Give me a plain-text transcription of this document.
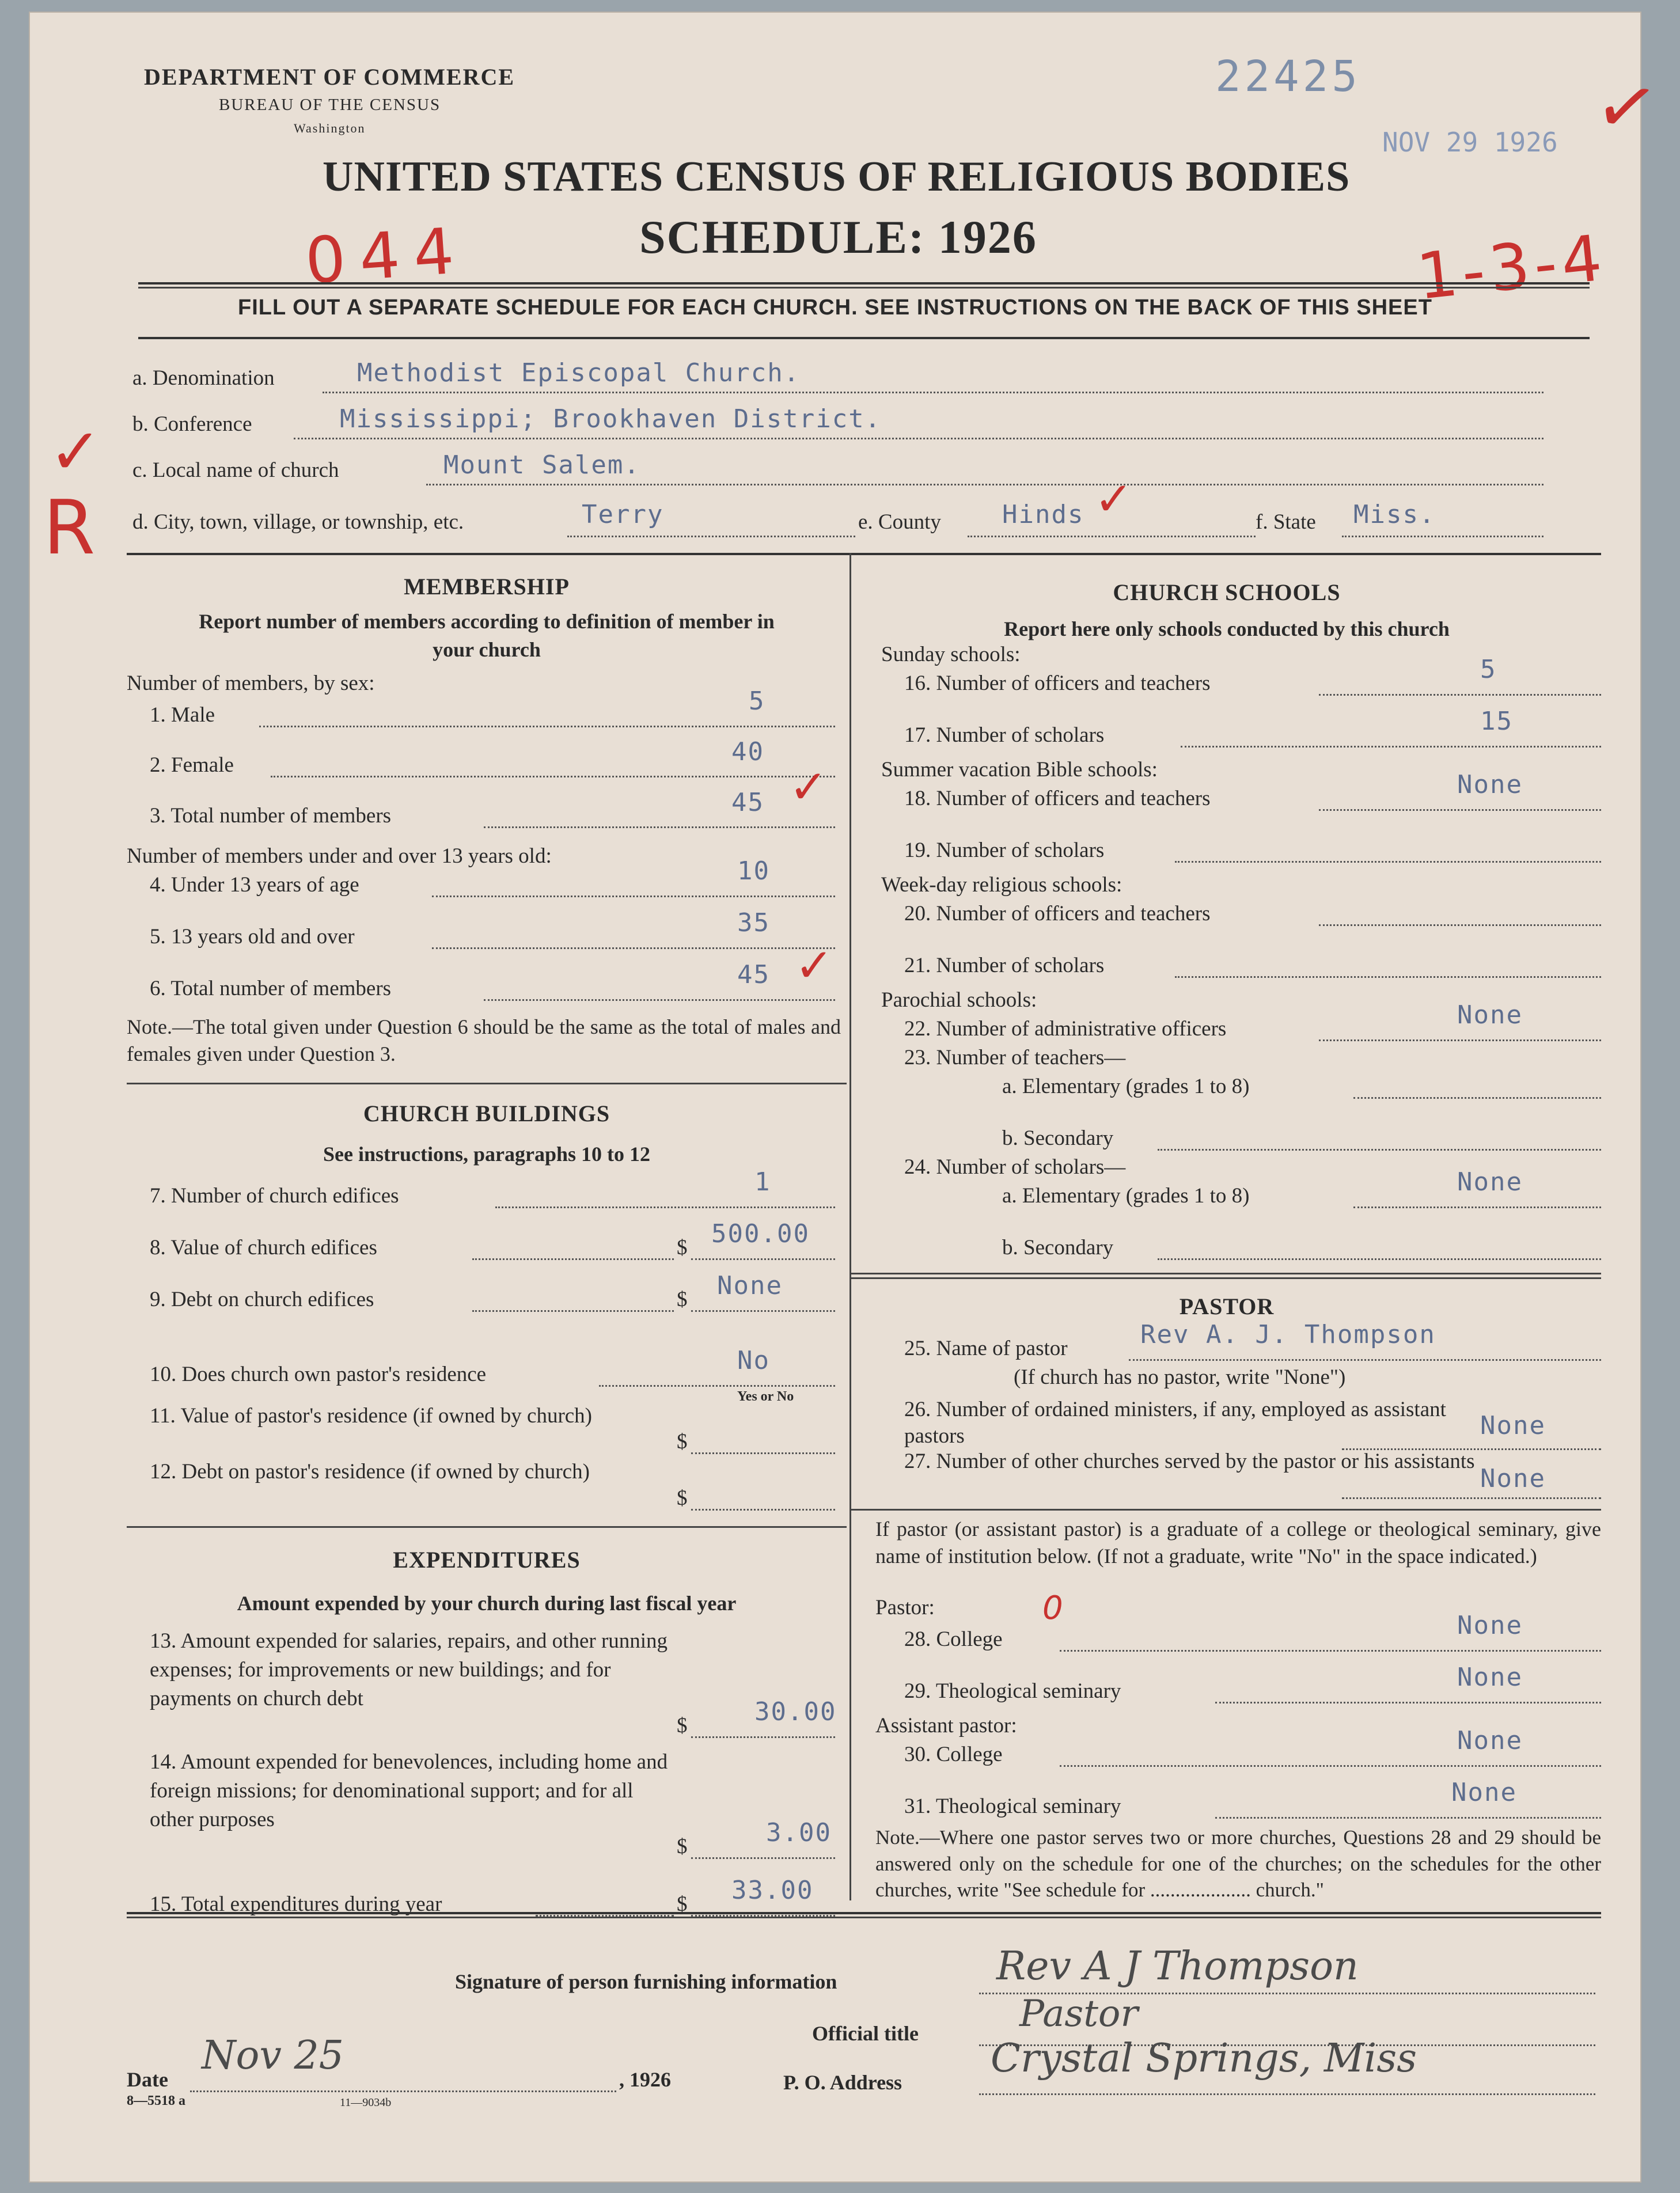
DEPARTMENT OF COMMERCE
BUREAU OF THE CENSUS
Washington
22425
NOV 29 1926 ✓
UNITED STATES CENSUS OF RELIGIOUS BODIES
SCHEDULE: 1926
044	1-3-4
✓
R
FILL OUT A SEPARATE SCHEDULE FOR EACH CHURCH. SEE INSTRUCTIONS ON THE BACK OF THIS SHEET
a. Denomination	Methodist Episcopal Church.
b. Conference	Mississippi; Brookhaven District.
c. Local name of church	Mount Salem.
d. City, town, village, or township, etc.	Terry	e. County Hinds ✓	f. State Miss.
MEMBERSHIP
Report number of members according to definition of member in your church
Number of members, by sex:
1. Male	5
2. Female	40
3. Total number of members	45 ✓
Number of members under and over 13 years old:
4. Under 13 years of age	10
5. 13 years old and over	35
6. Total number of members	45 ✓
Note.—The total given under Question 6 should be the same as the total of males and females given under Question 3.
CHURCH BUILDINGS
See instructions, paragraphs 10 to 12
7. Number of church edifices	1
8. Value of church edifices	$ 500.00
9. Debt on church edifices	$ None
10. Does church own pastor's residence	No
Yes or No
11. Value of pastor's residence (if owned by church)
$
12. Debt on pastor's residence (if owned by church)
$
EXPENDITURES
Amount expended by your church during last fiscal year
13. Amount expended for salaries, repairs, and other running expenses; for improvements or new buildings; and for payments on church debt
$	30.00
14. Amount expended for benevolences, including home and foreign missions; for denominational support; and for all other purposes
$	3.00
15. Total expenditures during year	$ 33.00
CHURCH SCHOOLS
Report here only schools conducted by this church
Sunday schools:
16. Number of officers and teachers	5
17. Number of scholars	15
Summer vacation Bible schools:
18. Number of officers and teachers	None
19. Number of scholars
Week-day religious schools:
20. Number of officers and teachers
21. Number of scholars
Parochial schools:
22. Number of administrative officers	None
23. Number of teachers—
a. Elementary (grades 1 to 8)
b. Secondary
24. Number of scholars—
a. Elementary (grades 1 to 8)	None
b. Secondary
PASTOR
25. Name of pastor	Rev A. J. Thompson
(If church has no pastor, write "None")
26. Number of ordained ministers, if any, employed as assistant pastors	None
27. Number of other churches served by the pastor or his assistants
None
If pastor (or assistant pastor) is a graduate of a college or theological seminary, give name of institution below. (If not a graduate, write "No" in the space indicated.)
Pastor:	0
28. College	None
29. Theological seminary	None
Assistant pastor:
30. College	None
31. Theological seminary	None
Note.—Where one pastor serves two or more churches, Questions 28 and 29 should be answered only on the schedule for one of the churches; on the schedules for the other churches, write "See schedule for .................... church."
Signature of person furnishing information	Rev A J Thompson
Official title	Pastor
Date
Nov 25
, 1926
8—5518 a	11—9034b
P. O. Address
Crystal Springs, Miss
